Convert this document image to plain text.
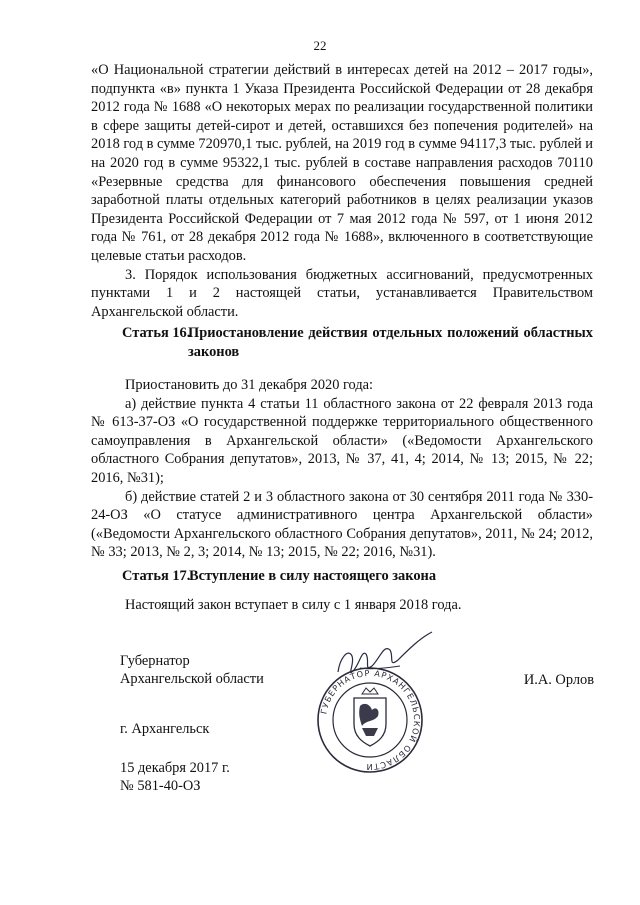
22

«О Национальной стратегии действий в интересах детей на 2012 – 2017 годы», подпункта «в» пункта 1 Указа Президента Российской Федерации от 28 декабря 2012 года № 1688 «О некоторых мерах по реализации государственной политики в сфере защиты детей-сирот и детей, оставшихся без попечения родителей» на 2018 год в сумме 720970,1 тыс. рублей, на 2019 год в сумме 94117,3 тыс. рублей и на 2020 год в сумме 95322,1 тыс. рублей в составе направления расходов 70110 «Резервные средства для финансового обеспечения повышения средней заработной платы отдельных категорий работников в целях реализации указов Президента Российской Федерации от 7 мая 2012 года № 597, от 1 июня 2012 года № 761, от 28 декабря 2012 года № 1688», включенного в соответствующие целевые статьи расходов.

3. Порядок использования бюджетных ассигнований, предусмотренных пунктами 1 и 2 настоящей статьи, устанавливается Правительством Архангельской области.

Статья 16.
Приостановление действия отдельных положений областных законов

Приостановить до 31 декабря 2020 года:

а) действие пункта 4 статьи 11 областного закона от 22 февраля 2013 года № 613-37-ОЗ «О государственной поддержке территориального общественного самоуправления в Архангельской области» («Ведомости Архангельского областного Собрания депутатов», 2013, № 37, 41, 4; 2014, № 13; 2015, № 22; 2016, №31);

б) действие статей 2 и 3 областного закона от 30 сентября 2011 года № 330-24-ОЗ «О статусе административного центра Архангельской области» («Ведомости Архангельского областного Собрания депутатов», 2011, № 24; 2012, № 33; 2013, № 2, 3; 2014, № 13; 2015, № 22; 2016, №31).

Статья 17.
Вступление в силу настоящего закона

Настоящий закон вступает в силу с 1 января 2018 года.

ГУБЕРНАТОР АРХАНГЕЛЬСКОЙ ОБЛАСТИ
Губернатор
Архангельской области	И.А. Орлов
г. Архангельск
15 декабря 2017 г.
№ 581-40-ОЗ
